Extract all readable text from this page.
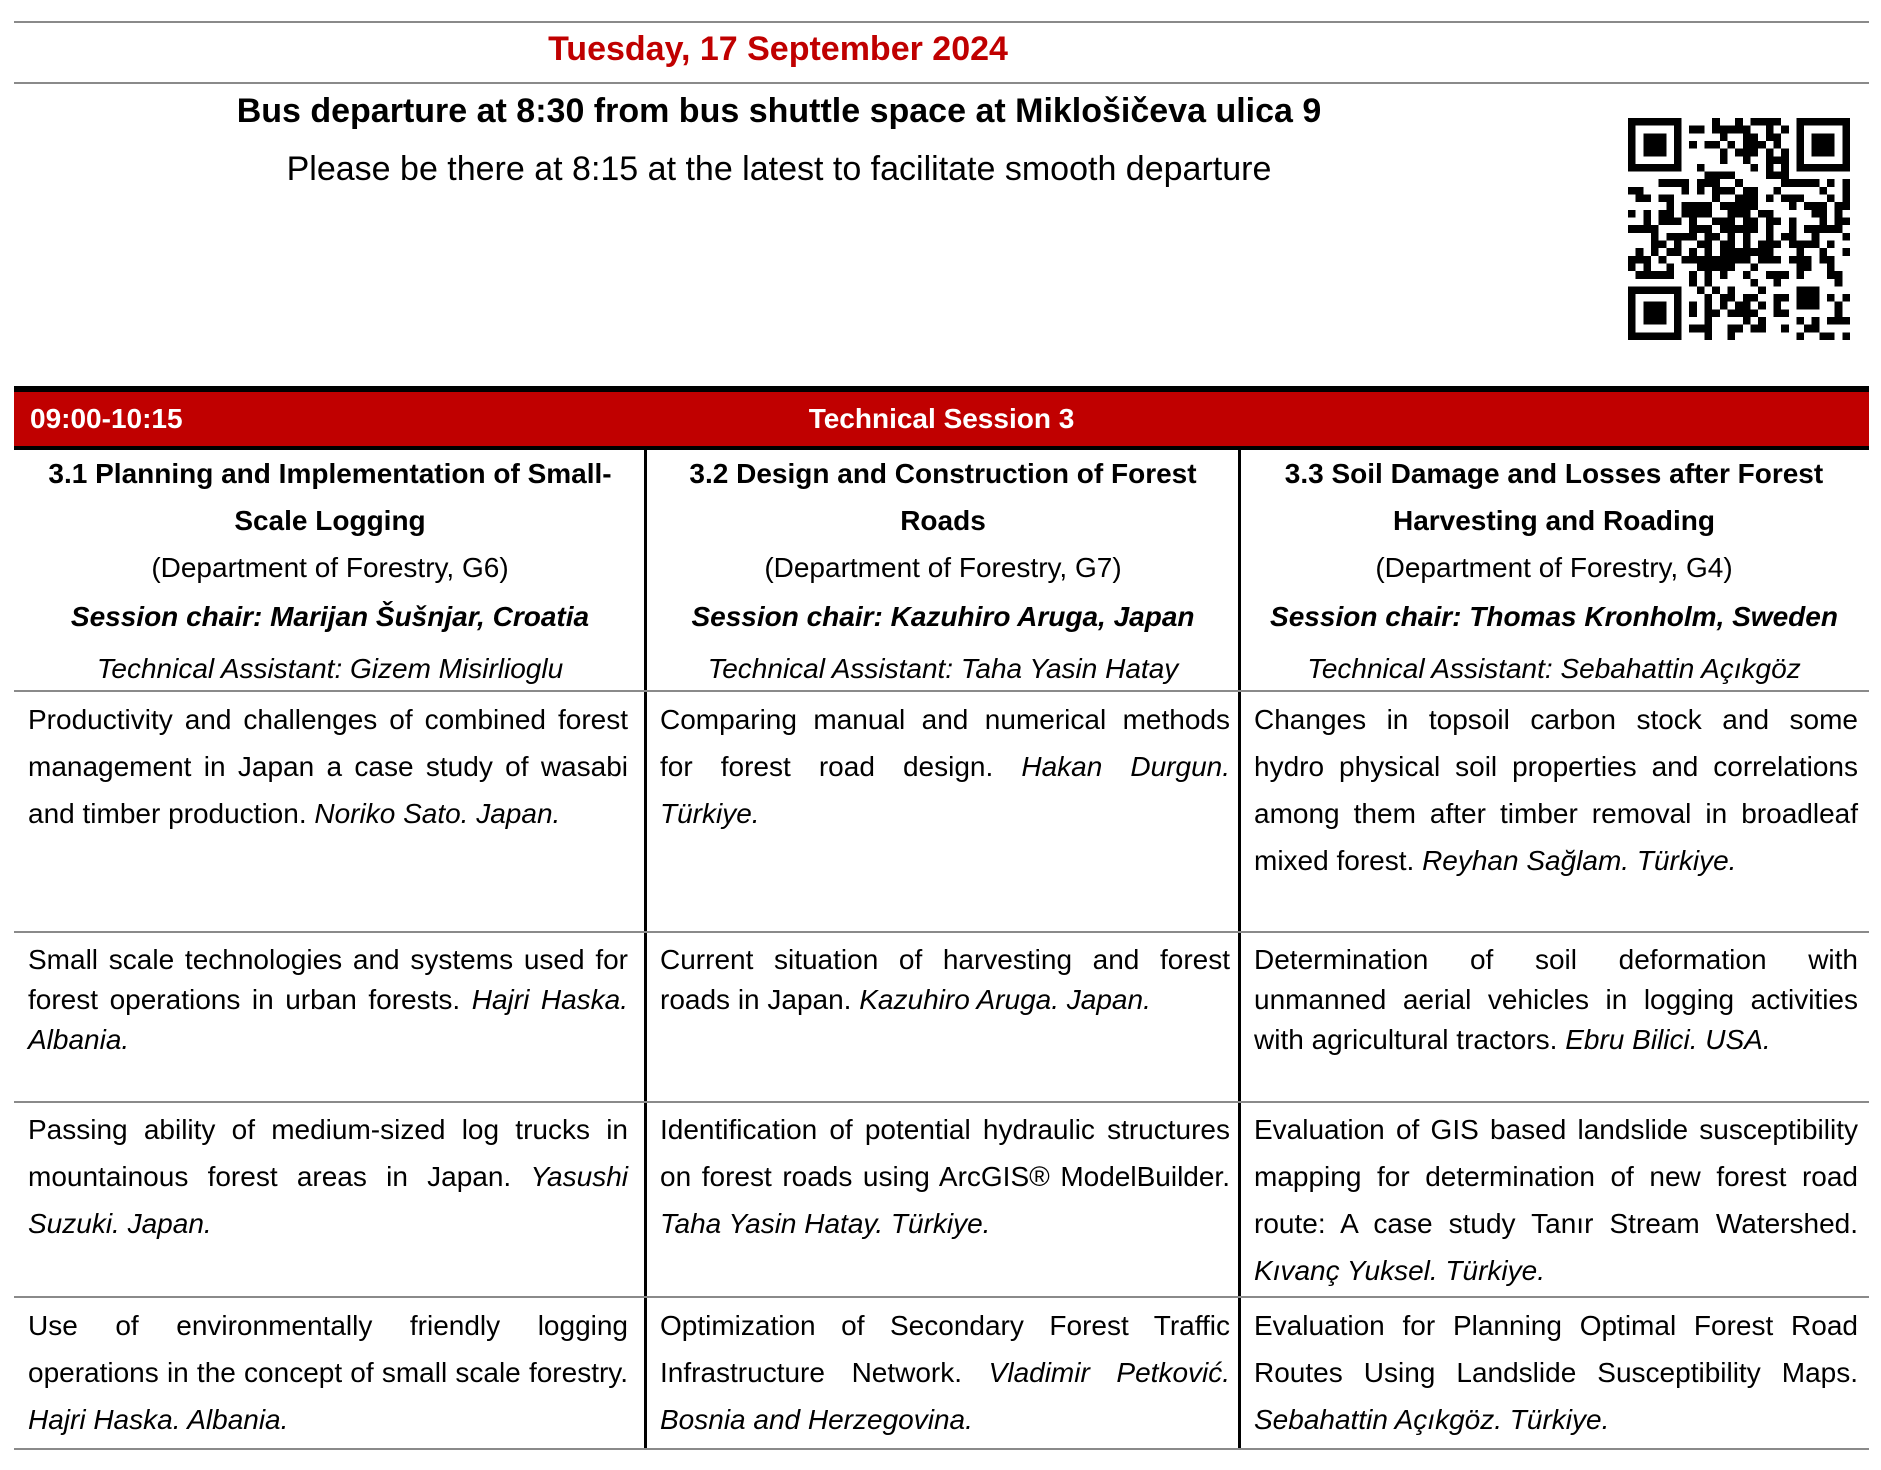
Tuesday, 17 September 2024
Bus departure at 8:30 from bus shuttle space at Miklošičeva ulica 9
Please be there at 8:15 at the latest to facilitate smooth departure
Technical Session 3
09:00-10:15
3.1 Planning and Implementation of Small-Scale Logging
(Department of Forestry, G6)
Session chair: Marijan Šušnjar, Croatia
Technical Assistant: Gizem Misirlioglu
3.2 Design and Construction of Forest Roads
(Department of Forestry, G7)
Session chair: Kazuhiro Aruga, Japan
Technical Assistant: Taha Yasin Hatay
3.3 Soil Damage and Losses after Forest Harvesting and Roading
(Department of Forestry, G4)
Session chair: Thomas Kronholm, Sweden
Technical Assistant: Sebahattin Açıkgöz
Productivity and challenges of combined forest management in Japan a case study of wasabi and timber production. Noriko Sato. Japan.
Comparing manual and numerical methods for forest road design. Hakan Durgun. Türkiye.
Changes in topsoil carbon stock and some hydro physical soil properties and correlations among them after timber removal in broadleaf mixed forest. Reyhan Sağlam. Türkiye.
Small scale technologies and systems used for forest operations in urban forests. Hajri Haska. Albania.
Current situation of harvesting and forest roads in Japan. Kazuhiro Aruga. Japan.
Determination of soil deformation with unmanned aerial vehicles in logging activities with agricultural tractors. Ebru Bilici. USA.
Passing ability of medium-sized log trucks in mountainous forest areas in Japan. Yasushi Suzuki. Japan.
Identification of potential hydraulic structures on forest roads using ArcGIS® ModelBuilder. Taha Yasin Hatay. Türkiye.
Evaluation of GIS based landslide susceptibility mapping for determination of new forest road route: A case study Tanır Stream Watershed. Kıvanç Yuksel. Türkiye.
Use of environmentally friendly logging operations in the concept of small scale forestry. Hajri Haska. Albania.
Optimization of Secondary Forest Traffic Infrastructure Network. Vladimir Petković. Bosnia and Herzegovina.
Evaluation for Planning Optimal Forest Road Routes Using Landslide Susceptibility Maps. Sebahattin Açıkgöz. Türkiye.
